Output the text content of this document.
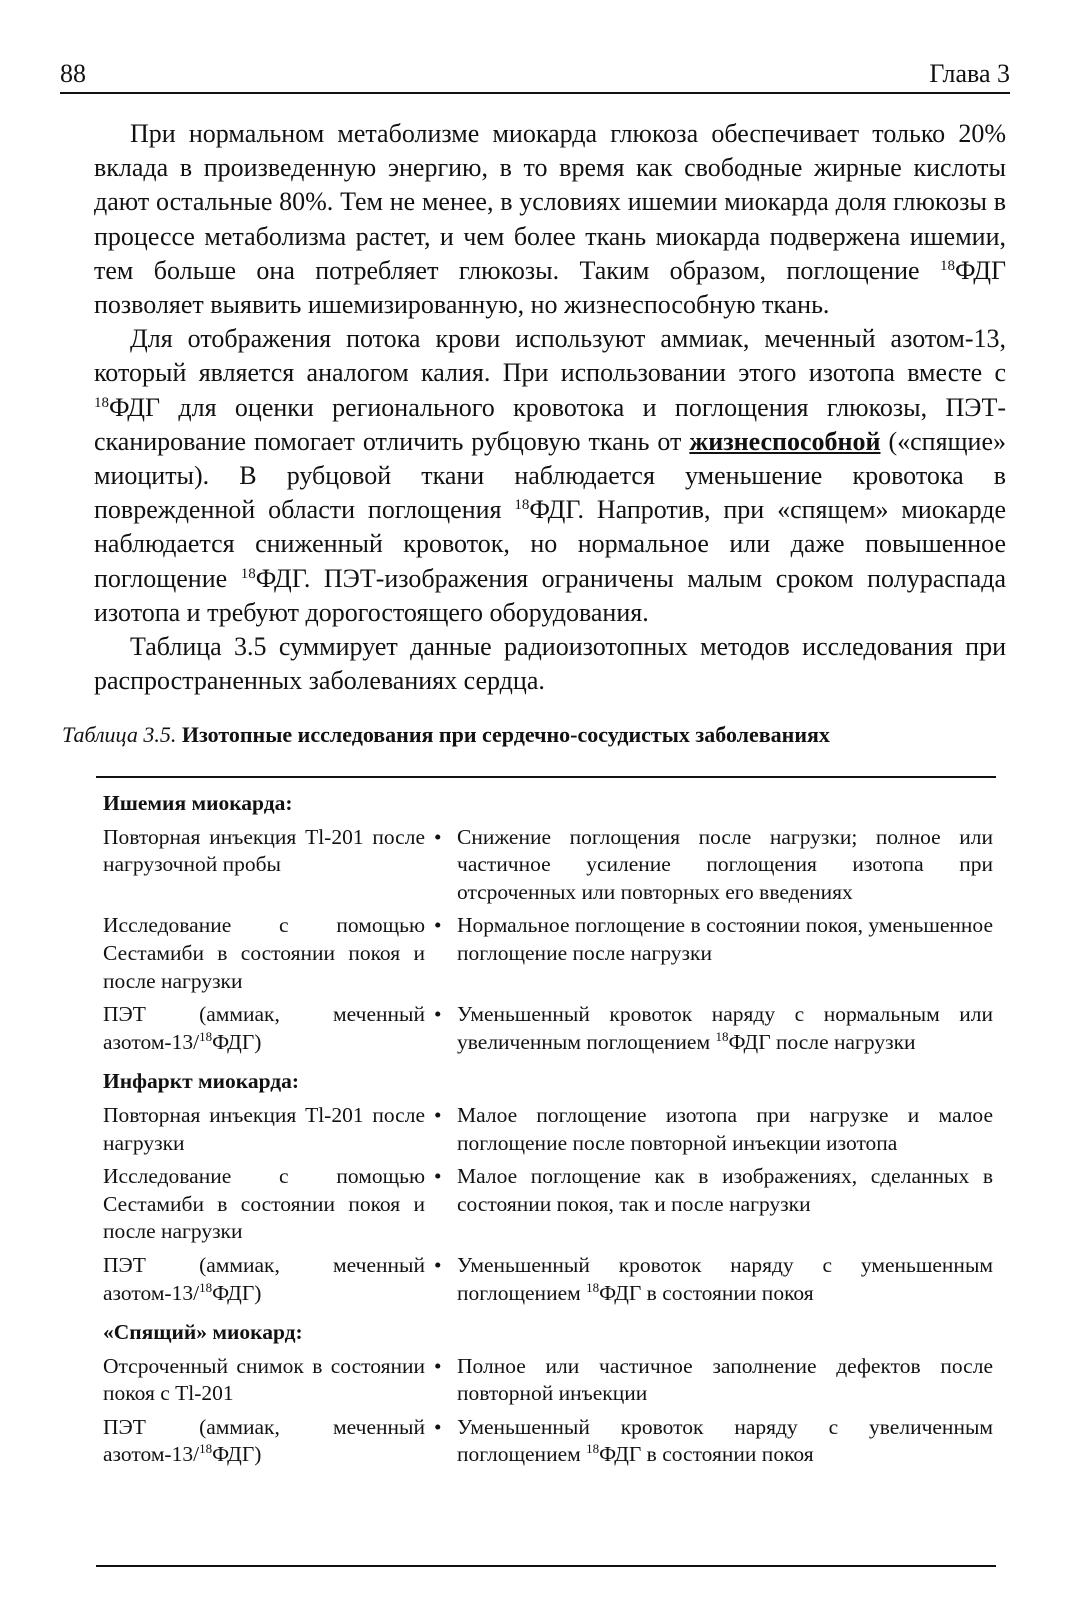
88	Глава 3

При нормальном метаболизме миокарда глюкоза обеспечивает только 20% вклада в произведенную энергию, в то время как свободные жирные кислоты дают остальные 80%. Тем не менее, в условиях ишемии миокарда доля глюкозы в процессе метаболизма растет, и чем более ткань миокарда подвержена ишемии, тем больше она потребляет глюкозы. Таким образом, поглощение $^{18}$ФДГ позволяет выявить ишемизированную, но жизнеспособную ткань.

Для отображения потока крови используют аммиак, меченный азотом-13, который является аналогом калия. При использовании этого изотопа вместе с $^{18}$ФДГ для оценки регионального кровотока и поглощения глюкозы, ПЭТ-сканирование помогает отличить рубцовую ткань от жизнеспособной («спящие» миоциты). В рубцовой ткани наблюдается уменьшение кровотока в поврежденной области поглощения $^{18}$ФДГ. Напротив, при «спящем» миокарде наблюдается сниженный кровоток, но нормальное или даже повышенное поглощение $^{18}$ФДГ. ПЭТ-изображения ограничены малым сроком полураспада изотопа и требуют дорогостоящего оборудования.

Таблица 3.5 суммирует данные радиоизотопных методов исследования при распространенных заболеваниях сердца.

Таблица 3.5. Изотопные исследования при сердечно-сосудистых заболеваниях
Ишемия миокарда:
Повторная инъекция Tl-201 после нагрузочной пробы
• Снижение поглощения после нагрузки; полное или частичное усиление поглощения изотопа при отсроченных или повторных его введениях
Исследование с помощью Сестамиби в состоянии покоя и после нагрузки
• Нормальное поглощение в состоянии покоя, уменьшенное поглощение после нагрузки
ПЭТ (аммиак, меченный азотом-13/$^{18}$ФДГ)
• Уменьшенный кровоток наряду с нормальным или увеличенным поглощением $^{18}$ФДГ после нагрузки
Инфаркт миокарда:
Повторная инъекция Tl-201 после нагрузки
• Малое поглощение изотопа при нагрузке и малое поглощение после повторной инъекции изотопа
Исследование с помощью Сестамиби в состоянии покоя и после нагрузки
• Малое поглощение как в изображениях, сделанных в состоянии покоя, так и после нагрузки
ПЭТ (аммиак, меченный азотом-13/$^{18}$ФДГ)
• Уменьшенный кровоток наряду с уменьшенным поглощением $^{18}$ФДГ в состоянии покоя
«Спящий» миокард:
Отсроченный снимок в состоянии покоя с Tl-201
• Полное или частичное заполнение дефектов после повторной инъекции
ПЭТ (аммиак, меченный азотом-13/$^{18}$ФДГ)
• Уменьшенный кровоток наряду с увеличенным поглощением $^{18}$ФДГ в состоянии покоя
